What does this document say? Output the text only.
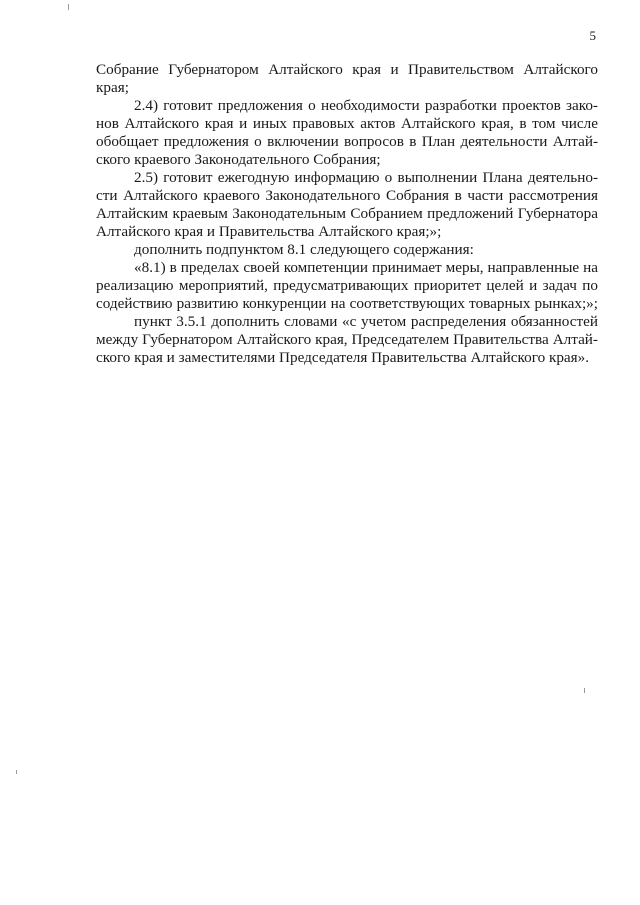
5
Собрание Губернатором Алтайского края и Правительством Алтайского
края;
2.4) готовит предложения о необходимости разработки проектов зако-
нов Алтайского края и иных правовых актов Алтайского края, в том числе
обобщает предложения о включении вопросов в План деятельности Алтай-
ского краевого Законодательного Собрания;
2.5) готовит ежегодную информацию о выполнении Плана деятельно-
сти Алтайского краевого Законодательного Собрания в части рассмотрения
Алтайским краевым Законодательным Собранием предложений Губернатора
Алтайского края и Правительства Алтайского края;»;
дополнить подпунктом 8.1 следующего содержания:
«8.1) в пределах своей компетенции принимает меры, направленные на
реализацию мероприятий, предусматривающих приоритет целей и задач по
содействию развитию конкуренции на соответствующих товарных рынках;»;
пункт 3.5.1 дополнить словами «с учетом распределения обязанностей
между Губернатором Алтайского края, Председателем Правительства Алтай-
ского края и заместителями Председателя Правительства Алтайского края».
